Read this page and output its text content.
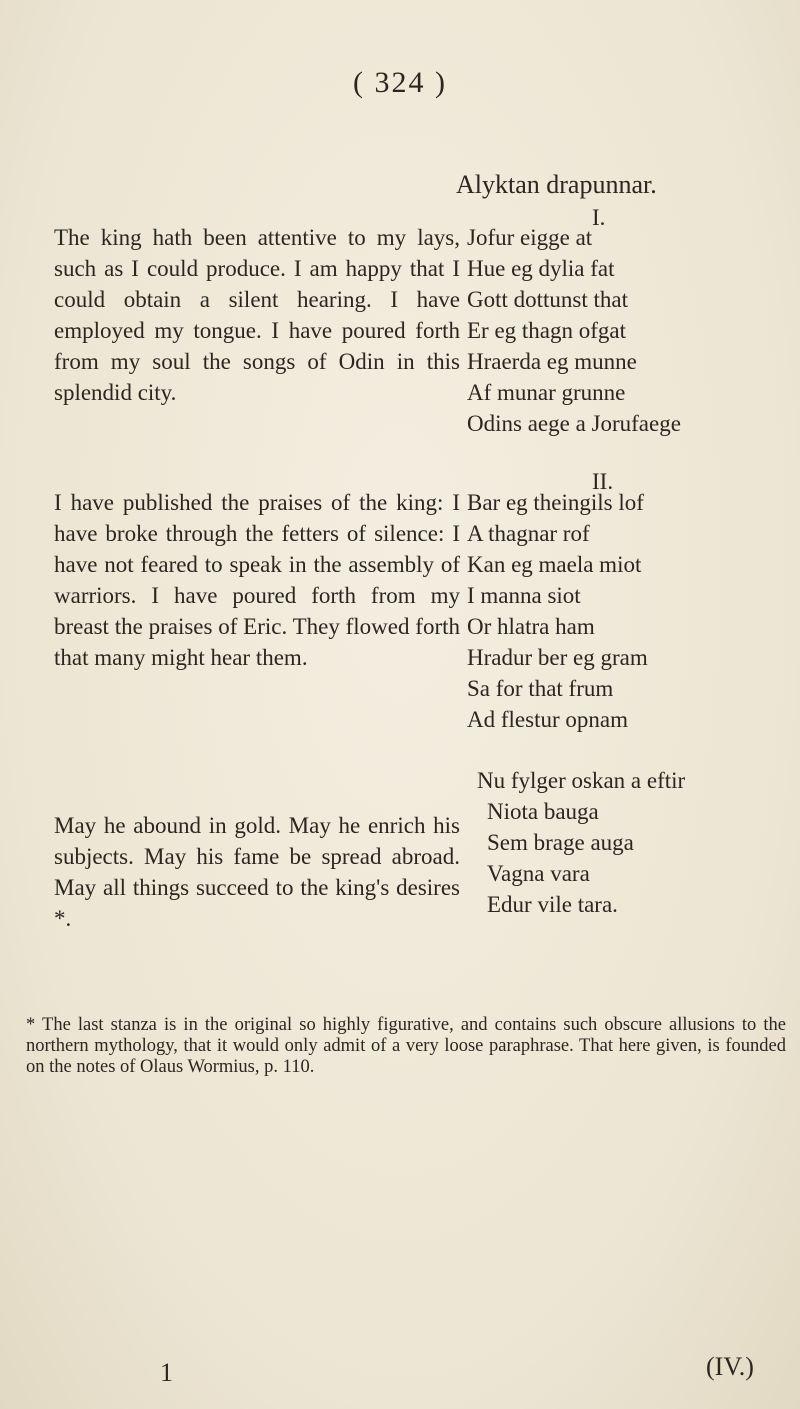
( 324 )
Alyktan drapunnar.
I.
II.
The king hath been attentive to my lays, such as I could produce. I am happy that I could obtain a silent hearing. I have employed my tongue. I have poured forth from my soul the songs of Odin in this splendid city.
I have published the praises of the king: I have broke through the fetters of silence: I have not feared to speak in the assembly of warriors. I have poured forth from my breast the praises of Eric. They flowed forth that many might hear them.
May he abound in gold. May he enrich his subjects. May his fame be spread abroad. May all things succeed to the king's desires *.
Jofur eigge at
Hue eg dylia fat
Gott dottunst that
Er eg thagn ofgat
Hraerda eg munne
Af munar grunne
Odins aege a Jorufaege
Bar eg theingils lof
A thagnar rof
Kan eg maela miot
I manna siot
Or hlatra ham
Hradur ber eg gram
Sa for that frum
Ad flestur opnam
Nu fylger oskan a eftir
Niota bauga
Sem brage auga
Vagna vara
Edur vile tara.
* The last stanza is in the original so highly figurative, and contains such obscure allusions to the northern mythology, that it would only admit of a very loose paraphrase. That here given, is founded on the notes of Olaus Wormius, p. 110.
1	(IV.)
